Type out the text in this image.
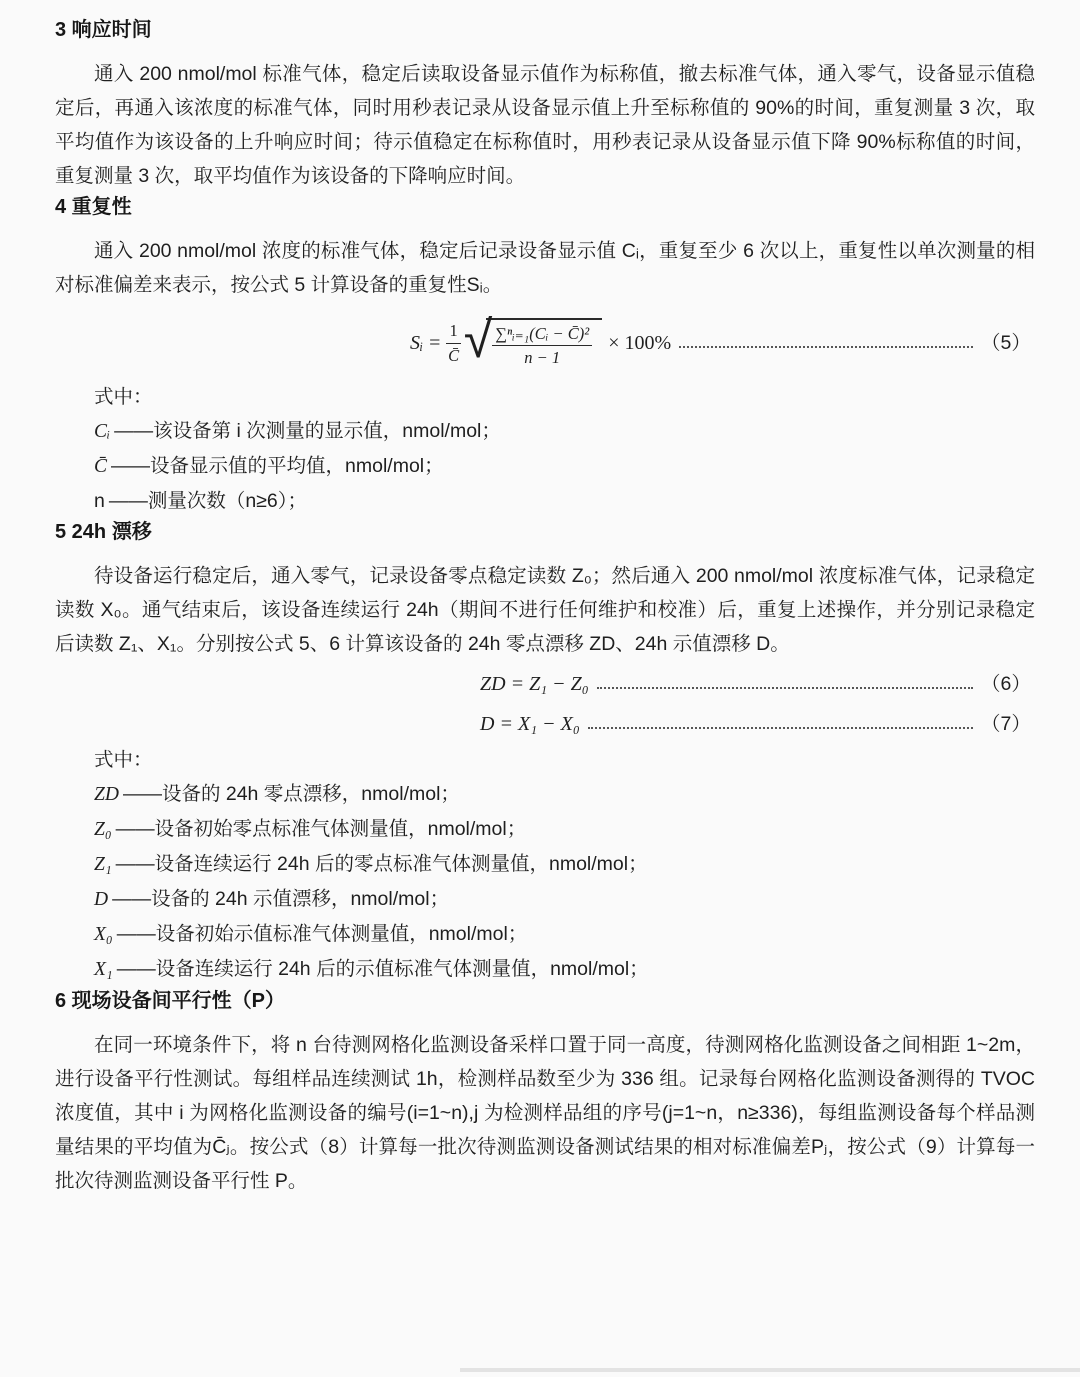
3 响应时间

通入 200 nmol/mol 标准气体，稳定后读取设备显示值作为标称值，撤去标准气体，通入零气，设备显示值稳定后，再通入该浓度的标准气体，同时用秒表记录从设备显示值上升至标称值的 90%的时间，重复测量 3 次，取平均值作为该设备的上升响应时间；待示值稳定在标称值时，用秒表记录从设备显示值下降 90%标称值的时间，重复测量 3 次，取平均值作为该设备的下降响应时间。

4 重复性

通入 200 nmol/mol 浓度的标准气体，稳定后记录设备显示值 Cᵢ，重复至少 6 次以上，重复性以单次测量的相对标准偏差来表示，按公式 5 计算设备的重复性Sᵢ。

Sᵢ = $\frac{1}{C̄}$ √ $\frac{\text{∑ⁿᵢ₌₁(Cᵢ − C̄)²}}{n - 1} \times 100\%$	（5）

式中：

Cᵢ ——该设备第 i 次测量的显示值，nmol/mol；
C̄ ——设备显示值的平均值，nmol/mol；
n ——测量次数（n≥6）；
5 24h 漂移

待设备运行稳定后，通入零气，记录设备零点稳定读数 Z₀；然后通入 200 nmol/mol 浓度标准气体，记录稳定读数 X₀。通气结束后，该设备连续运行 24h（期间不进行任何维护和校准）后，重复上述操作，并分别记录稳定后读数 Z₁、X₁。分别按公式 5、6 计算该设备的 24h 零点漂移 ZD、24h 示值漂移 D。

ZD = Z₁ − Z₀	（6）
D = X₁ − X₀	（7）

式中：

ZD ——设备的 24h 零点漂移，nmol/mol；
Z₀ ——设备初始零点标准气体测量值，nmol/mol；
Z₁ ——设备连续运行 24h 后的零点标准气体测量值，nmol/mol；
D ——设备的 24h 示值漂移，nmol/mol；
X₀ ——设备初始示值标准气体测量值，nmol/mol；
X₁ ——设备连续运行 24h 后的示值标准气体测量值，nmol/mol；
6 现场设备间平行性（P）

在同一环境条件下，将 n 台待测网格化监测设备采样口置于同一高度，待测网格化监测设备之间相距 1~2m，进行设备平行性测试。每组样品连续测试 1h，检测样品数至少为 336 组。记录每台网格化监测设备测得的 TVOC 浓度值，其中 i 为网格化监测设备的编号(i=1~n),j 为检测样品组的序号(j=1~n，n≥336)，每组监测设备每个样品测量结果的平均值为C̄ⱼ。按公式（8）计算每一批次待测监测设备测试结果的相对标准偏差Pⱼ，按公式（9）计算每一批次待测监测设备平行性 P。
